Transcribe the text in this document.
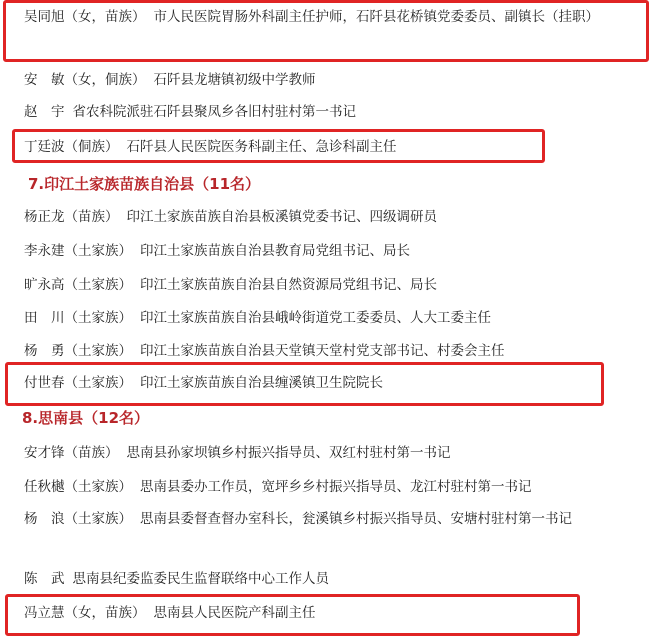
吴同旭（女，苗族） 市人民医院胃肠外科副主任护师，石阡县花桥镇党委委员、副镇长（挂职）
安　敏（女，侗族） 石阡县龙塘镇初级中学教师
赵　宇 省农科院派驻石阡县聚凤乡各旧村驻村第一书记
丁廷波（侗族） 石阡县人民医院医务科副主任、急诊科副主任
7.印江土家族苗族自治县（11名）
杨正龙（苗族） 印江土家族苗族自治县板溪镇党委书记、四级调研员
李永建（土家族） 印江土家族苗族自治县教育局党组书记、局长
旷永高（土家族） 印江土家族苗族自治县自然资源局党组书记、局长
田　川（土家族） 印江土家族苗族自治县峨岭街道党工委委员、人大工委主任
杨　勇（土家族） 印江土家族苗族自治县天堂镇天堂村党支部书记、村委会主任
付世春（土家族） 印江土家族苗族自治县缠溪镇卫生院院长
8.思南县（12名）
安才锋（苗族） 思南县孙家坝镇乡村振兴指导员、双红村驻村第一书记
任秋樾（土家族） 思南县委办工作员，宽坪乡乡村振兴指导员、龙江村驻村第一书记
杨　浪（土家族） 思南县委督查督办室科长，瓮溪镇乡村振兴指导员、安塘村驻村第一书记
陈　武 思南县纪委监委民生监督联络中心工作人员
冯立慧（女，苗族） 思南县人民医院产科副主任
